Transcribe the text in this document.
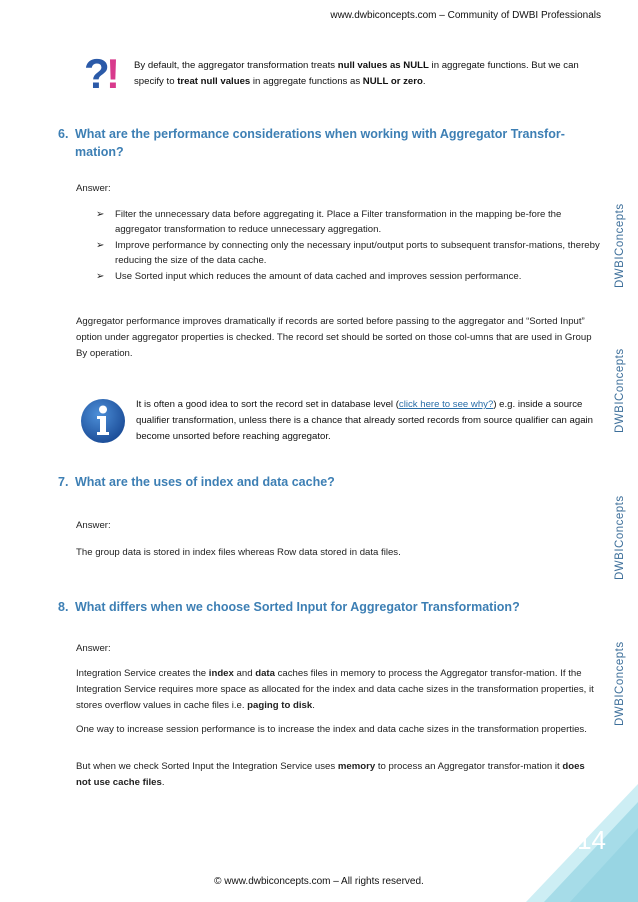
www.dwbiconcepts.com – Community of DWBI Professionals
?
! By default, the aggregator transformation treats null values as NULL in aggregate functions. But we can specify to treat null values in aggregate functions as NULL or zero.
6. What are the performance considerations when working with Aggregator Transfor-mation?
Answer:
➢ Filter the unnecessary data before aggregating it. Place a Filter transformation in the mapping be-fore the aggregator transformation to reduce unnecessary aggregation.
➢ Improve performance by connecting only the necessary input/output ports to subsequent transfor-mations, thereby reducing the size of the data cache.
➢ Use Sorted input which reduces the amount of data cached and improves session performance.
Aggregator performance improves dramatically if records are sorted before passing to the aggregator and “Sorted Input” option under aggregator properties is checked. The record set should be sorted on those col-umns that are used in Group By operation.
It is often a good idea to sort the record set in database level (click here to see why?) e.g. inside a source qualifier transformation, unless there is a chance that already sorted records from source qualifier can again become unsorted before reaching aggregator.
7. What are the uses of index and data cache?
Answer:
The group data is stored in index files whereas Row data stored in data files.
8. What differs when we choose Sorted Input for Aggregator Transformation?
Answer:
Integration Service creates the index and data caches files in memory to process the Aggregator transfor-mation. If the Integration Service requires more space as allocated for the index and data cache sizes in the transformation properties, it stores overflow values in cache files i.e. paging to disk.
One way to increase session performance is to increase the index and data cache sizes in the transformation properties.
But when we check Sorted Input the Integration Service uses memory to process an Aggregator transfor-mation it does not use cache files.
DWBIConcepts
DWBIConcepts
DWBIConcepts
DWBIConcepts
14
© www.dwbiconcepts.com – All rights reserved.
